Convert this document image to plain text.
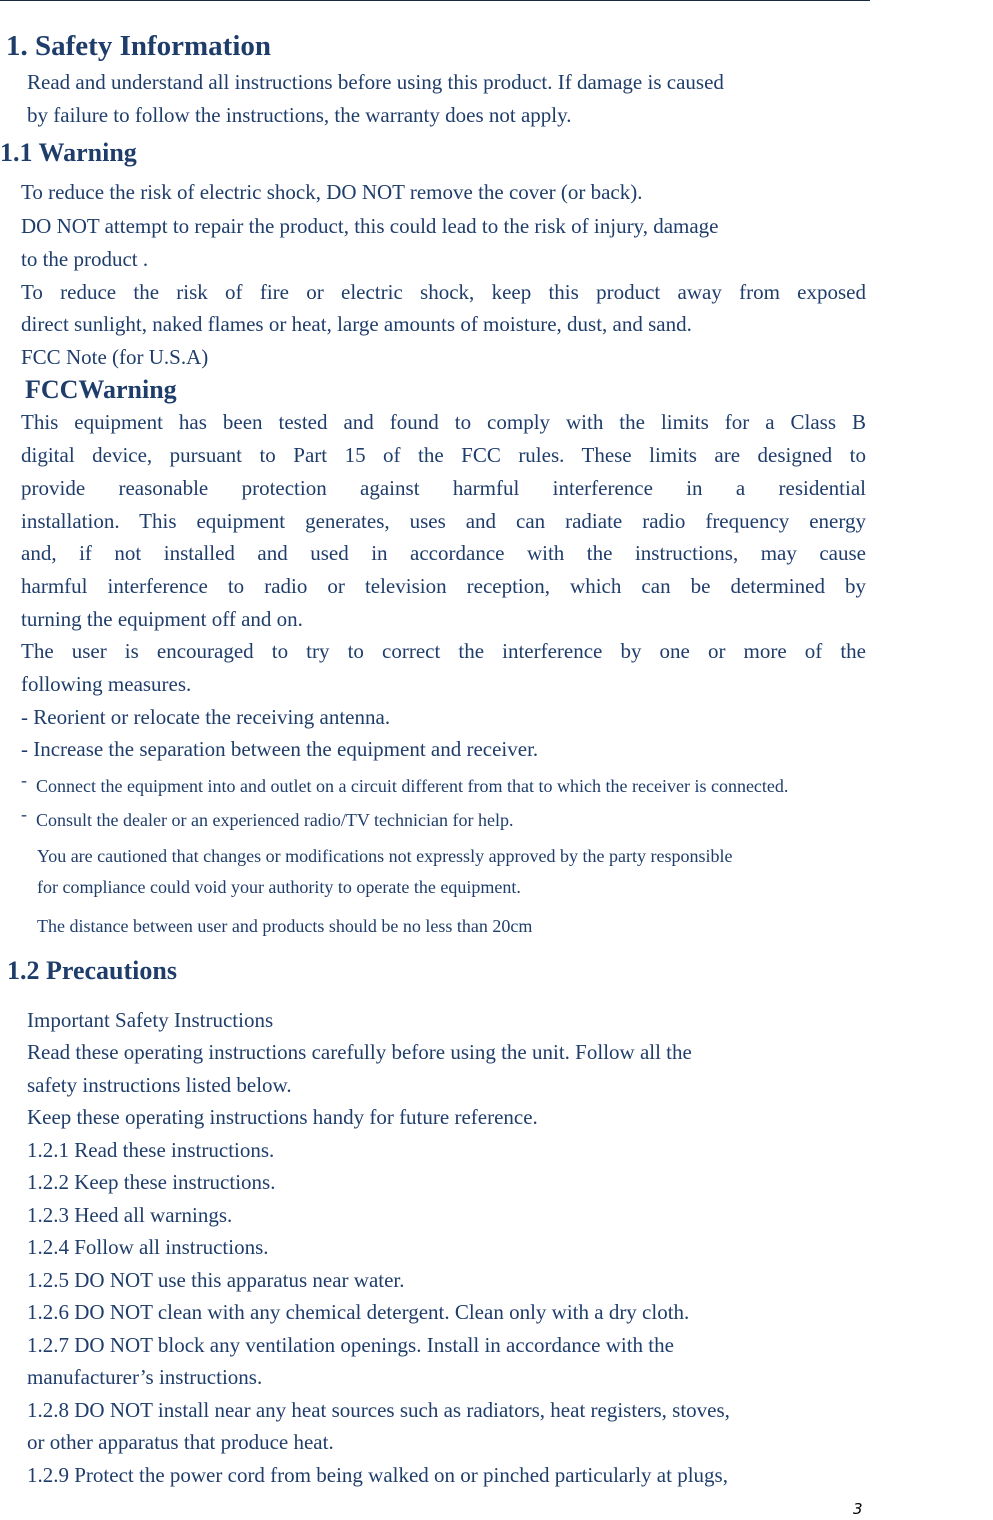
1. Safety Information
Read and understand all instructions before using this product. If damage is caused
by failure to follow the instructions, the warranty does not apply.
1.1 Warning
To reduce the risk of electric shock, DO NOT remove the cover (or back).
DO NOT attempt to repair the product, this could lead to the risk of injury, damage
to the product .
To reduce the risk of fire or electric shock, keep this product away from exposed
direct sunlight, naked flames or heat, large amounts of moisture, dust, and sand.
FCC Note (for U.S.A)
FCCWarning
This equipment has been tested and found to comply with the limits for a Class B
digital device, pursuant to Part 15 of the FCC rules. These limits are designed to
provide reasonable protection against harmful interference in a residential
installation. This equipment generates, uses and can radiate radio frequency energy
and, if not installed and used in accordance with the instructions, may cause
harmful interference to radio or television reception, which can be determined by
turning the equipment off and on.
The user is encouraged to try to correct the interference by one or more of the
following measures.
- Reorient or relocate the receiving antenna.
- Increase the separation between the equipment and receiver.
- Connect the equipment into and outlet on a circuit different from that to which the receiver is connected.
- Consult the dealer or an experienced radio/TV technician for help.
You are cautioned that changes or modifications not expressly approved by the party responsible
for compliance could void your authority to operate the equipment.
The distance between user and products should be no less than 20cm
1.2 Precautions
Important Safety Instructions
Read these operating instructions carefully before using the unit. Follow all the
safety instructions listed below.
Keep these operating instructions handy for future reference.
1.2.1 Read these instructions.
1.2.2 Keep these instructions.
1.2.3 Heed all warnings.
1.2.4 Follow all instructions.
1.2.5 DO NOT use this apparatus near water.
1.2.6 DO NOT clean with any chemical detergent. Clean only with a dry cloth.
1.2.7 DO NOT block any ventilation openings. Install in accordance with the
manufacturer’s instructions.
1.2.8 DO NOT install near any heat sources such as radiators, heat registers, stoves,
or other apparatus that produce heat.
1.2.9 Protect the power cord from being walked on or pinched particularly at plugs,
3
